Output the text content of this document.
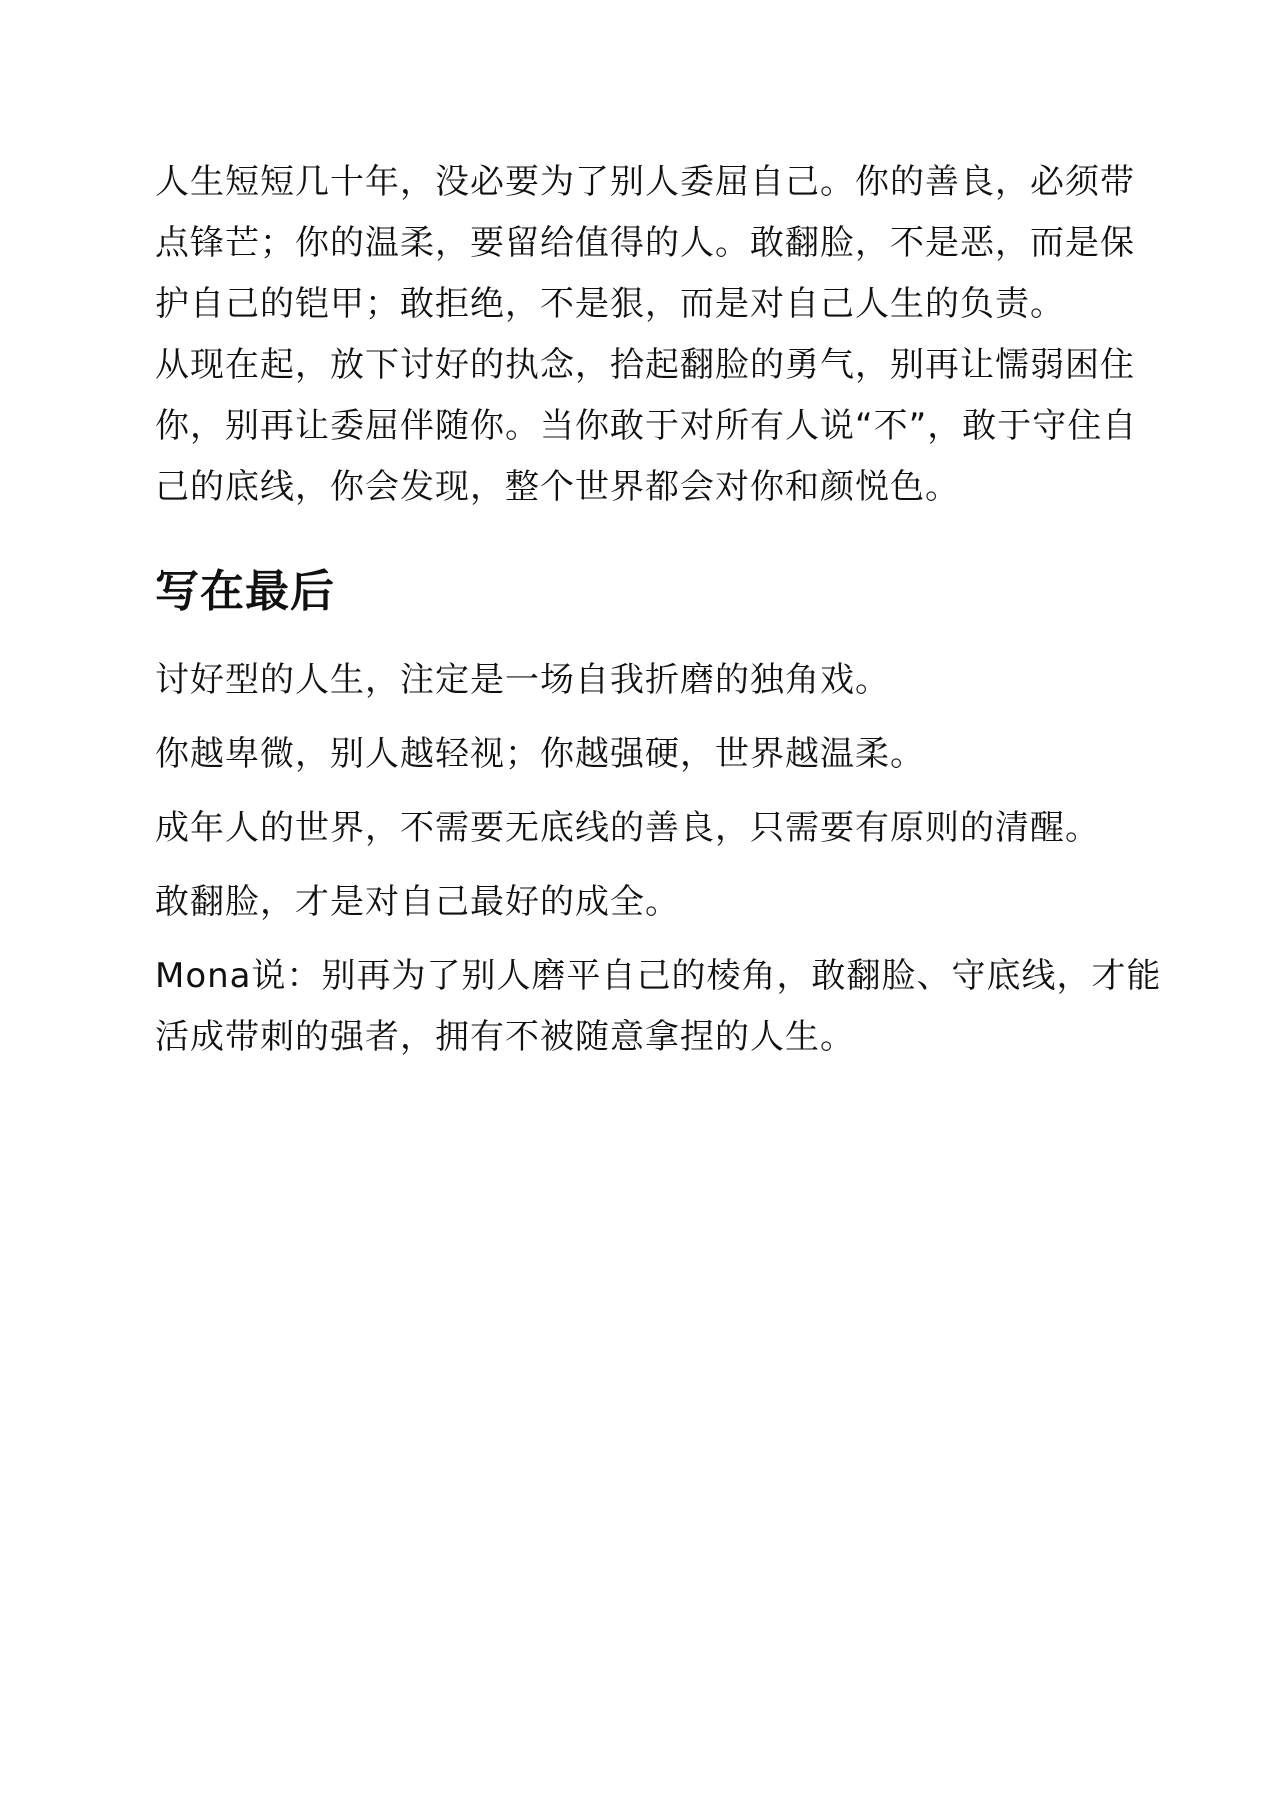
人生短短几十年，没必要为了别人委屈自己。你的善良，必须带
点锋芒；你的温柔，要留给值得的人。敢翻脸，不是恶，而是保
护自己的铠甲；敢拒绝，不是狠，而是对自己人生的负责。

从现在起，放下讨好的执念，拾起翻脸的勇气，别再让懦弱困住
你，别再让委屈伴随你。当你敢于对所有人说“不”，敢于守住自
己的底线，你会发现，整个世界都会对你和颜悦色。

写在最后

讨好型的人生，注定是一场自我折磨的独角戏。

你越卑微，别人越轻视；你越强硬，世界越温柔。

成年人的世界，不需要无底线的善良，只需要有原则的清醒。

敢翻脸，才是对自己最好的成全。

Mona说：别再为了别人磨平自己的棱角，敢翻脸、守底线，才能
活成带刺的强者，拥有不被随意拿捏的人生。
